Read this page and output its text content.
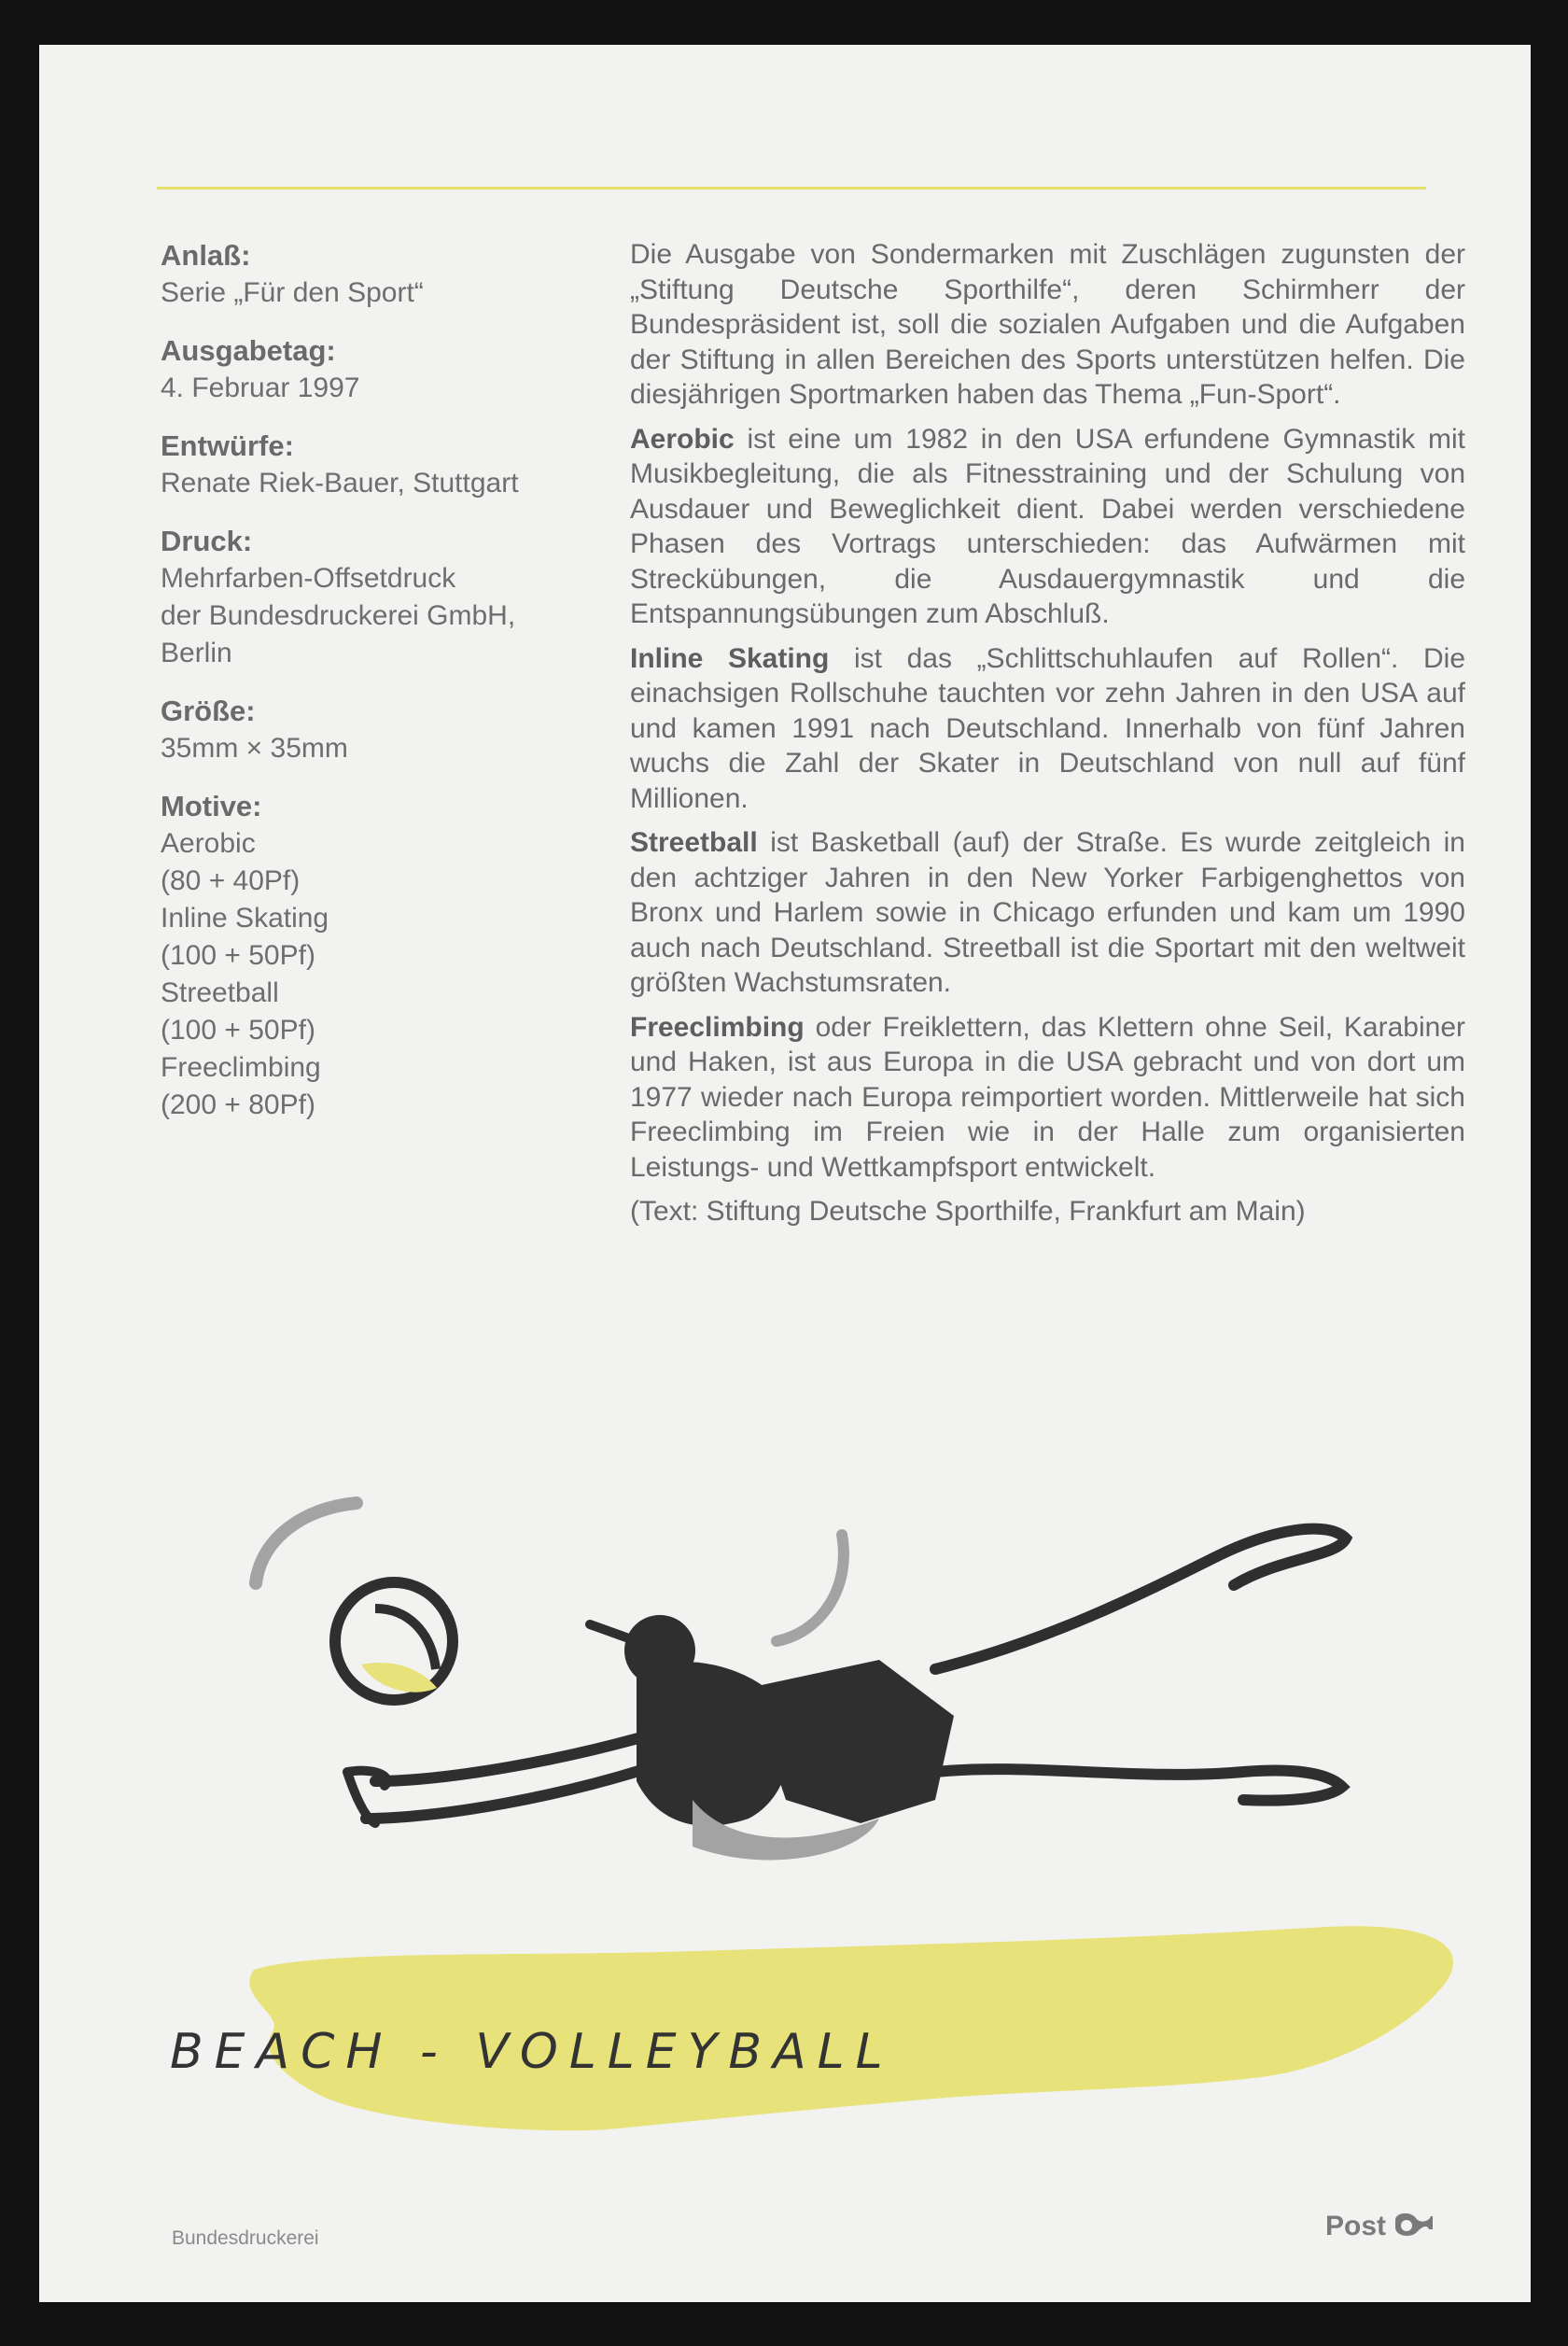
Anlaß:
Serie „Für den Sport“
Ausgabetag:
4. Februar 1997
Entwürfe:
Renate Riek-Bauer, Stuttgart
Druck:
Mehrfarben-Offsetdruck
der Bundesdruckerei GmbH,
Berlin
Größe:
35mm × 35mm
Motive:
Aerobic
(80 + 40Pf)
Inline Skating
(100 + 50Pf)
Streetball
(100 + 50Pf)
Freeclimbing
(200 + 80Pf)

Die Ausgabe von Sondermarken mit Zuschlägen zugunsten der „Stiftung Deutsche Sporthilfe“, deren Schirmherr der Bundespräsident ist, soll die sozialen Aufgaben und die Aufgaben der Stiftung in allen Bereichen des Sports unterstützen helfen. Die diesjährigen Sportmarken haben das Thema „Fun-Sport“.

Aerobic ist eine um 1982 in den USA erfundene Gymnastik mit Musikbegleitung, die als Fitnesstraining und der Schulung von Ausdauer und Beweglichkeit dient. Dabei werden verschiedene Phasen des Vortrags unterschieden: das Aufwärmen mit Streckübungen, die Ausdauergymnastik und die Entspannungsübungen zum Abschluß.

Inline Skating ist das „Schlittschuhlaufen auf Rollen“. Die einachsigen Rollschuhe tauchten vor zehn Jahren in den USA auf und kamen 1991 nach Deutschland. Innerhalb von fünf Jahren wuchs die Zahl der Skater in Deutschland von null auf fünf Millionen.

Streetball ist Basketball (auf) der Straße. Es wurde zeitgleich in den achtziger Jahren in den New Yorker Farbigenghettos von Bronx und Harlem sowie in Chicago erfunden und kam um 1990 auch nach Deutschland. Streetball ist die Sportart mit den weltweit größten Wachstumsraten.

Freeclimbing oder Freiklettern, das Klettern ohne Seil, Karabiner und Haken, ist aus Europa in die USA gebracht und von dort um 1977 wieder nach Europa reimportiert worden. Mittlerweile hat sich Freeclimbing im Freien wie in der Halle zum organisierten Leistungs- und Wettkampfsport entwickelt.

(Text: Stiftung Deutsche Sporthilfe, Frankfurt am Main)

BEACH - VOLLEYBALL
Bundesdruckerei	Post
